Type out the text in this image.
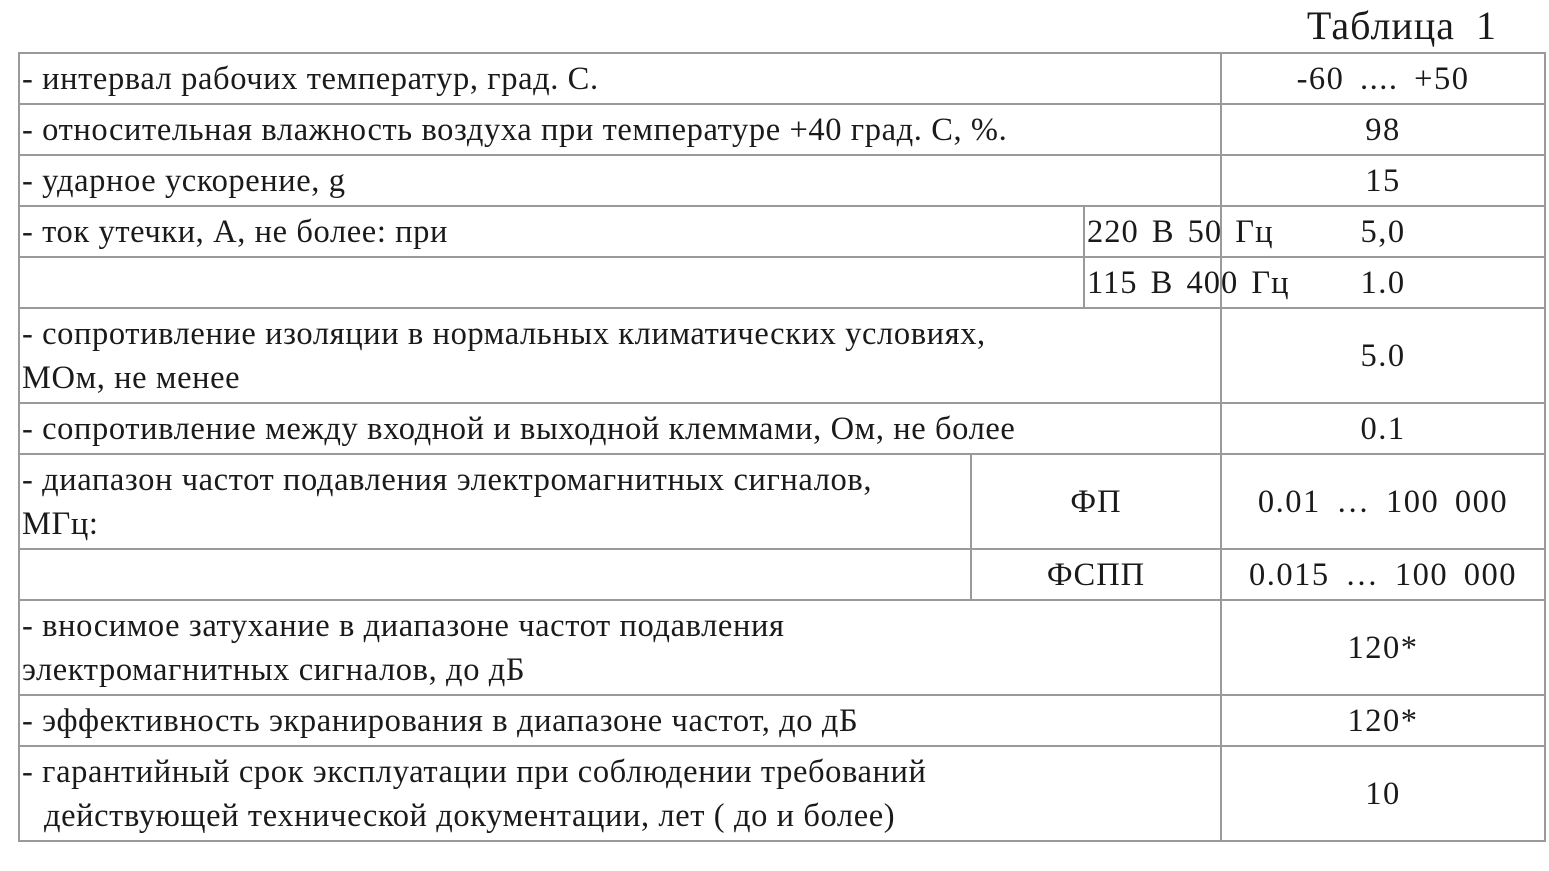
Таблица 1
- интервал рабочих температур, град. С.			-60 .... +50
- относительная влажность воздуха при температуре +40 град. С, %.			98
- ударное ускорение, g			15
- ток утечки, А, не более: при		220 В 50 Гц	5,0
		115 В 400 Гц	1.0
- сопротивление изоляции в нормальных климатических условиях,
МОм, не менее			5.0
- сопротивление между входной и выходной клеммами, Ом, не более			0.1
- диапазон частот подавления электромагнитных сигналов,
МГц:	ФП		0.01 … 100 000
	ФСПП		0.015 … 100 000
- вносимое затухание в диапазоне частот подавления
электромагнитных сигналов, до дБ			120*
- эффективность экранирования в диапазоне частот, до дБ			120*
- гарантийный срок эксплуатации при соблюдении требований
действующей технической документации, лет ( до и более)			10
